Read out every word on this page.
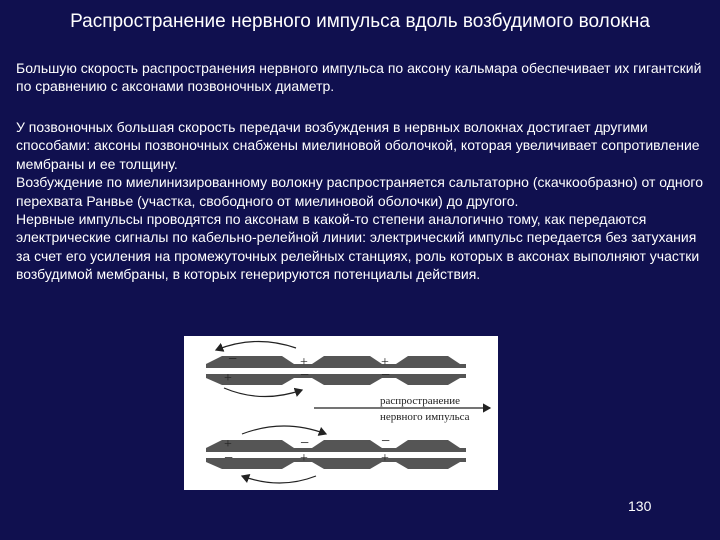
Распространение нервного импульса вдоль возбудимого волокна

Большую скорость распространения нервного импульса по аксону кальмара обеспечивает их гигантский по сравнению с аксонами позвоночных диаметр.

У позвоночных большая скорость передачи возбуждения в нервных волокнах достигает другими способами: аксоны позвоночных снабжены миелиновой оболочкой, которая увеличивает сопротивление мембраны и ее толщину.
Возбуждение по миелинизированному волокну распространяется сальтаторно (скачкообразно) от одного перехвата Ранвье (участка, свободного от миелиновой оболочки) до другого.
Нервные импульсы проводятся по аксонам в какой-то степени аналогично тому, как передаются электрические сигналы по кабельно-релейной линии: электрический импульс передается без затухания за счет его усиления на промежуточных релейных станциях, роль которых в аксонах выполняют участки возбудимой мембраны, в которых генерируются потенциалы действия.
−
+
+
−
+
−
распространение
нервного импульса
+
−
−
+
−
+
130
